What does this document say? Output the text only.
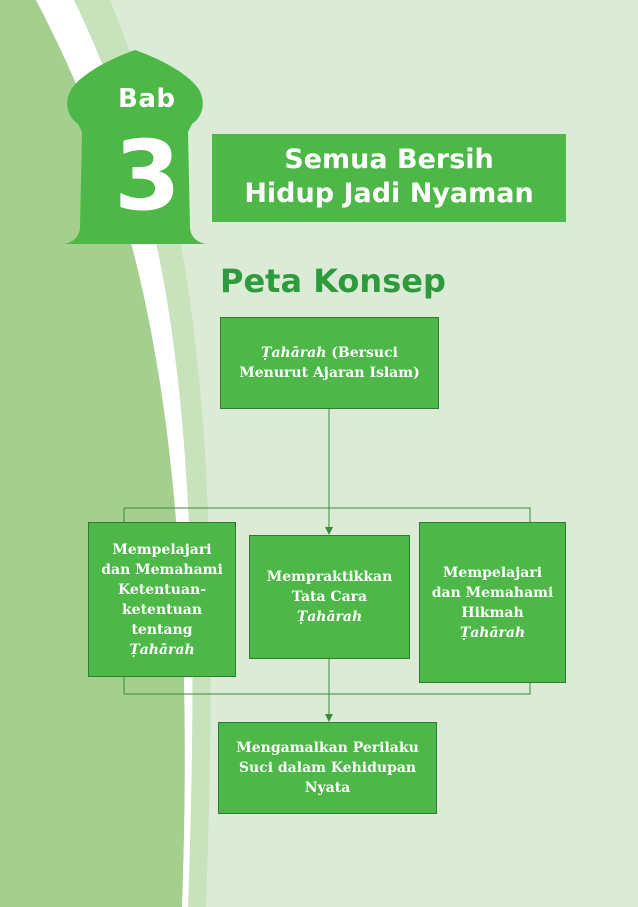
Bab
3	Semua Bersih
Hidup Jadi Nyaman
Peta Konsep
Ṭahārah (Bersuci
Menurut Ajaran Islam)
Mempelajari
dan Memahami
Ketentuan-
ketentuan
tentang
Ṭahārah
Mempraktikkan
Tata Cara
Ṭahārah
Mempelajari
dan Memahami
Hikmah
Ṭahārah
Mengamalkan Perilaku
Suci dalam Kehidupan
Nyata
